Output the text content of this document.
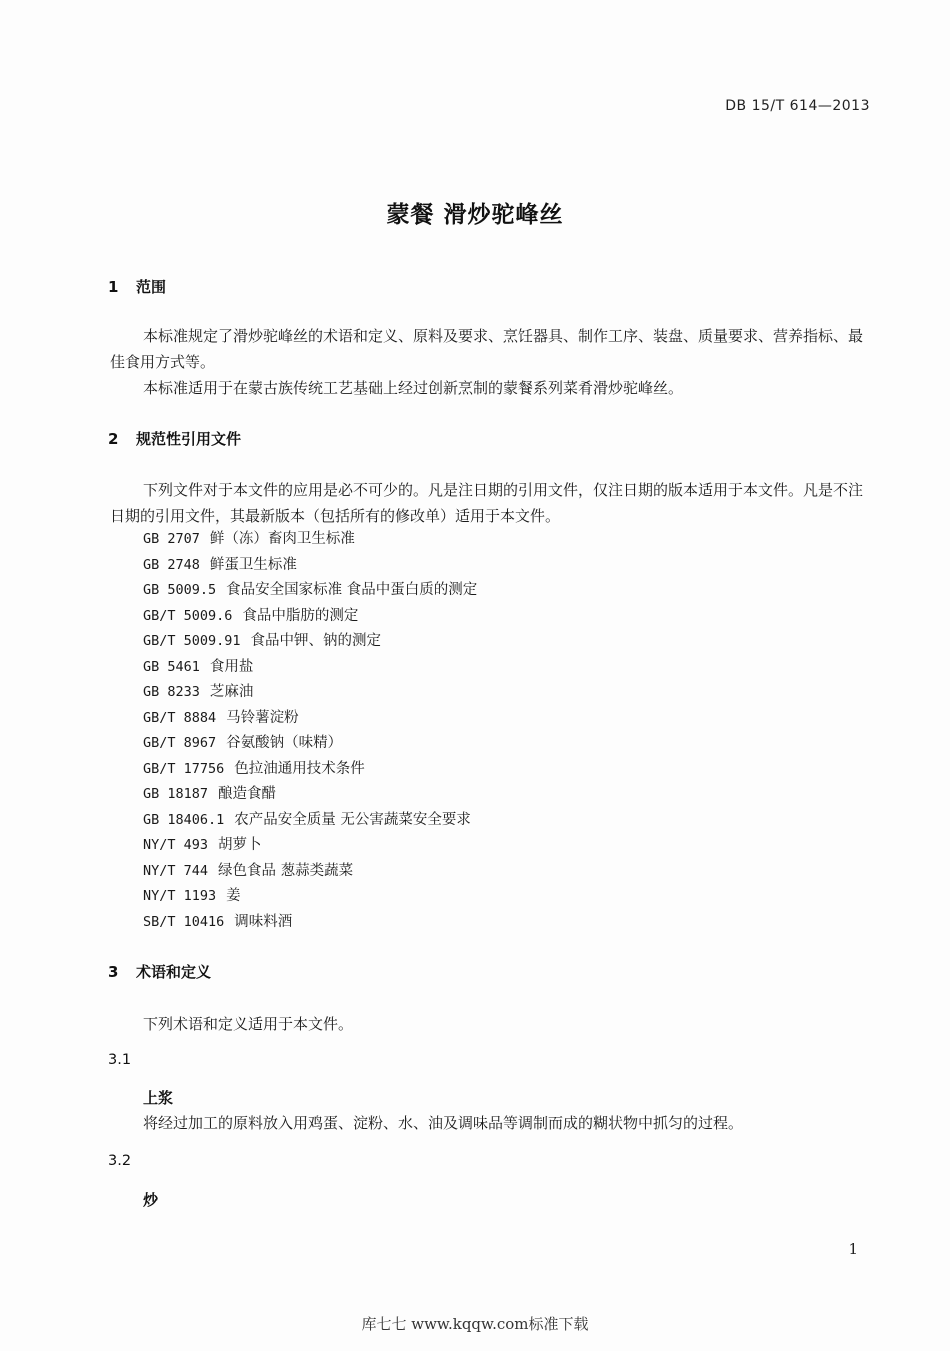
DB 15/T 614—2013
蒙餐 滑炒驼峰丝
1 范围

本标准规定了滑炒驼峰丝的术语和定义、原料及要求、烹饪器具、制作工序、装盘、质量要求、营养指标、最佳食用方式等。

本标准适用于在蒙古族传统工艺基础上经过创新烹制的蒙餐系列菜肴滑炒驼峰丝。

2 规范性引用文件

下列文件对于本文件的应用是必不可少的。凡是注日期的引用文件，仅注日期的版本适用于本文件。凡是不注日期的引用文件，其最新版本（包括所有的修改单）适用于本文件。

GB 2707 鲜（冻）畜肉卫生标准
GB 2748 鲜蛋卫生标准
GB 5009.5 食品安全国家标准 食品中蛋白质的测定
GB/T 5009.6 食品中脂肪的测定
GB/T 5009.91 食品中钾、钠的测定
GB 5461 食用盐
GB 8233 芝麻油
GB/T 8884 马铃薯淀粉
GB/T 8967 谷氨酸钠（味精）
GB/T 17756 色拉油通用技术条件
GB 18187 酿造食醋
GB 18406.1 农产品安全质量 无公害蔬菜安全要求
NY/T 493 胡萝卜
NY/T 744 绿色食品 葱蒜类蔬菜
NY/T 1193 姜
SB/T 10416 调味料酒
3 术语和定义

下列术语和定义适用于本文件。

3.1
上浆

将经过加工的原料放入用鸡蛋、淀粉、水、油及调味品等调制而成的糊状物中抓匀的过程。

3.2
炒
1
库七七 www.kqqw.com标准下载
